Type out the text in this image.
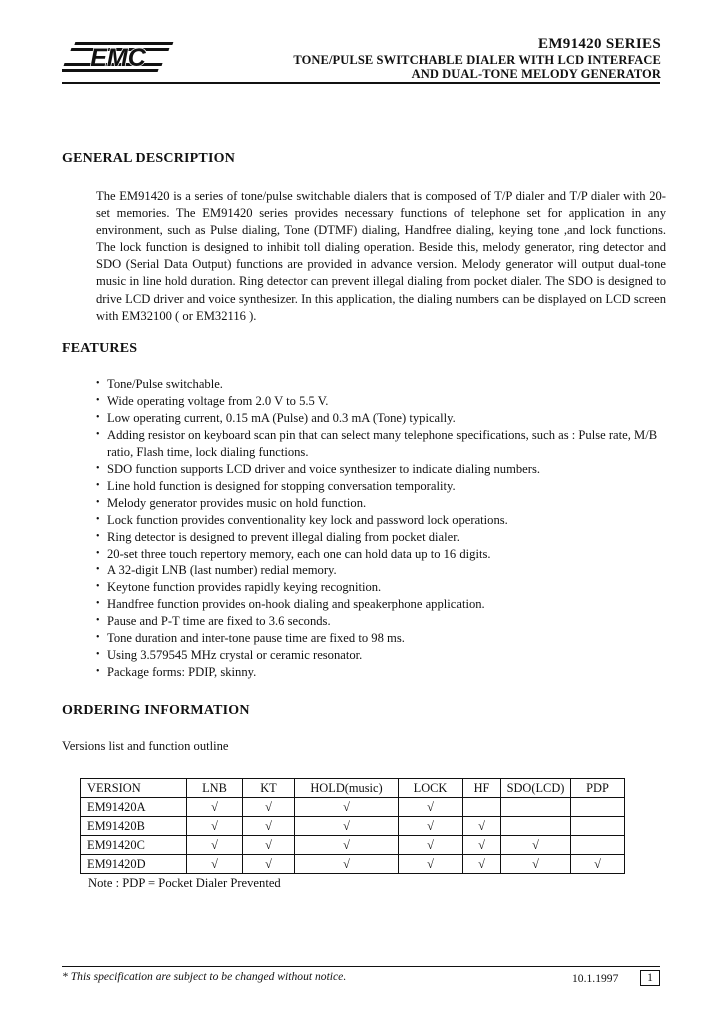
EMC	EM91420 SERIES
TONE/PULSE SWITCHABLE DIALER WITH LCD INTERFACE
AND DUAL-TONE MELODY GENERATOR
GENERAL DESCRIPTION

The EM91420 is a series of tone/pulse switchable dialers that is composed of T/P dialer and T/P dialer with 20-set memories. The EM91420 series provides necessary functions of telephone set for application in any environment, such as Pulse dialing, Tone (DTMF) dialing, Handfree dialing, keying tone ,and lock functions. The lock function is designed to inhibit toll dialing operation. Beside this, melody generator, ring detector and SDO (Serial Data Output) functions are provided in advance version. Melody generator will output dual-tone music in line hold duration. Ring detector can prevent illegal dialing from pocket dialer. The SDO is designed to drive LCD driver and voice synthesizer. In this application, the dialing numbers can be displayed on LCD screen with EM32100 ( or EM32116 ).

FEATURES
• Tone/Pulse switchable.
• Wide operating voltage from 2.0 V to 5.5 V.
• Low operating current, 0.15 mA (Pulse) and 0.3 mA (Tone) typically.
• Adding resistor on keyboard scan pin that can select many telephone specifications, such as : Pulse rate, M/B ratio, Flash time, lock dialing functions.
• SDO function supports LCD driver and voice synthesizer to indicate dialing numbers.
• Line hold function is designed for stopping conversation temporality.
• Melody generator provides music on hold function.
• Lock function provides conventionality key lock and password lock operations.
• Ring detector is designed to prevent illegal dialing from pocket dialer.
• 20-set three touch repertory memory, each one can hold data up to 16 digits.
• A 32-digit LNB (last number) redial memory.
• Keytone function provides rapidly keying recognition.
• Handfree function provides on-hook dialing and speakerphone application.
• Pause and P-T time are fixed to 3.6 seconds.
• Tone duration and inter-tone pause time are fixed to 98 ms.
• Using 3.579545 MHz crystal or ceramic resonator.
• Package forms: PDIP, skinny.
ORDERING INFORMATION
Versions list and function outline
VERSION	LNB	KT	HOLD(music)	LOCK	HF	SDO(LCD)	PDP
EM91420A	√	√	√	√			
EM91420B	√	√	√	√	√		
EM91420C	√	√	√	√	√	√	
EM91420D	√	√	√	√	√	√	√
Note : PDP = Pocket Dialer Prevented
* This specification are subject to be changed without notice.	10.1.1997	1
